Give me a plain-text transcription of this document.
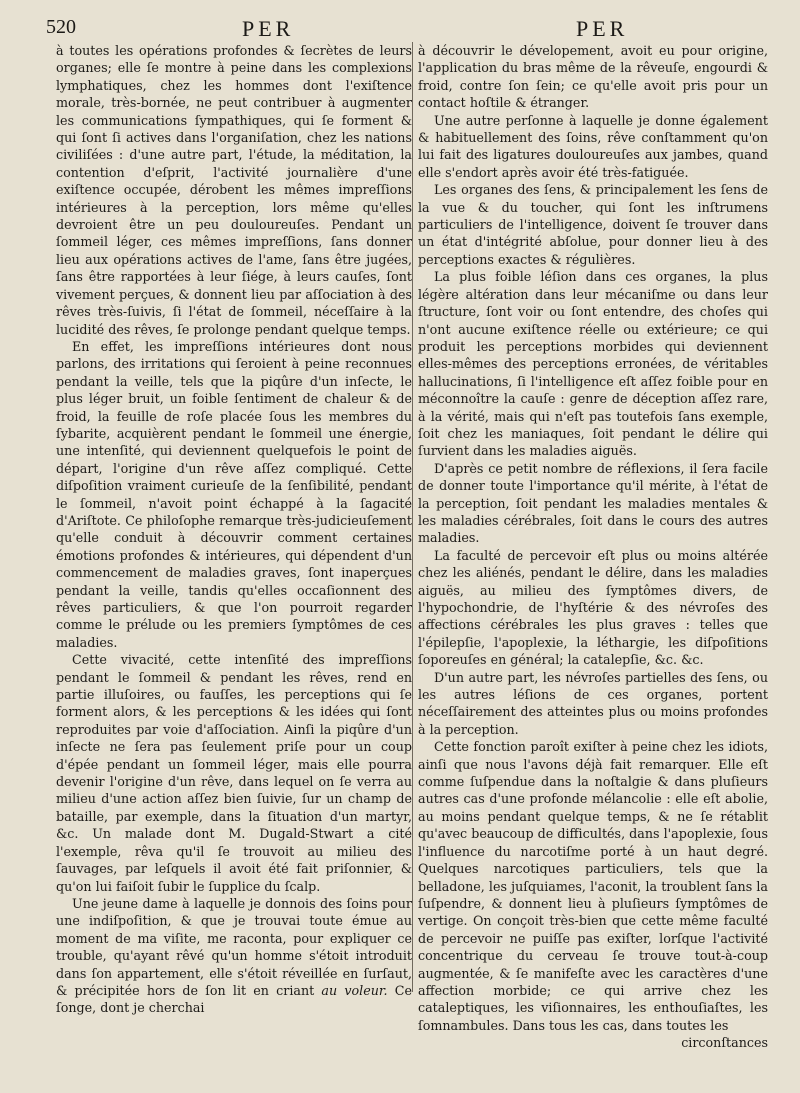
520	PER	PER

à toutes les opérations profondes & ſecrètes de leurs organes; elle ſe montre à peine dans les complexions lymphatiques, chez les hommes dont l'exiſtence morale, très-bornée, ne peut contribuer à augmenter les communications ſympathiques, qui ſe forment & qui ſont ſi actives dans l'organiſation, chez les nations civiliſées : d'une autre part, l'étude, la méditation, la contention d'eſprit, l'activité journalière d'une exiſtence occupée, dérobent les mêmes impreſſions intérieures à la perception, lors même qu'elles devroient être un peu douloureuſes. Pendant un ſommeil léger, ces mêmes impreſſions, ſans donner lieu aux opérations actives de l'ame, ſans être jugées, ſans être rapportées à leur ſiége, à leurs cauſes, ſont vivement perçues, & donnent lieu par aſſociation à des rêves très-ſuivis, ſi l'état de ſommeil, néceſſaire à la lucidité des rêves, ſe prolonge pendant quelque temps.

En effet, les impreſſions intérieures dont nous parlons, des irritations qui ſeroient à peine reconnues pendant la veille, tels que la piqûre d'un inſecte, le plus léger bruit, un foible ſentiment de chaleur & de froid, la feuille de roſe placée ſous les membres du ſybarite, acquièrent pendant le ſommeil une énergie, une intenſité, qui deviennent quelquefois le point de départ, l'origine d'un rêve aſſez compliqué. Cette diſpoſition vraiment curieuſe de la ſenſibilité, pendant le ſommeil, n'avoit point échappé à la ſagacité d'Ariſtote. Ce philoſophe remarque très-judicieuſement qu'elle conduit à découvrir comment certaines émotions profondes & intérieures, qui dépendent d'un commencement de maladies graves, ſont inaperçues pendant la veille, tandis qu'elles occaſionnent des rêves particuliers, & que l'on pourroit regarder comme le prélude ou les premiers ſymptômes de ces maladies.

Cette vivacité, cette intenſité des impreſſions pendant le ſommeil & pendant les rêves, rend en partie illuſoires, ou fauſſes, les perceptions qui ſe forment alors, & les perceptions & les idées qui ſont reproduites par voie d'aſſociation. Ainſi la piqûre d'un inſecte ne ſera pas ſeulement priſe pour un coup d'épée pendant un ſommeil léger, mais elle pourra devenir l'origine d'un rêve, dans lequel on ſe verra au milieu d'une action aſſez bien ſuivie, ſur un champ de bataille, par exemple, dans la ſituation d'un martyr, &c. Un malade dont M. Dugald-Stwart a cité l'exemple, rêva qu'il ſe trouvoit au milieu des ſauvages, par leſquels il avoit été fait priſonnier, & qu'on lui faiſoit ſubir le ſupplice du ſcalp.

Une jeune dame à laquelle je donnois des ſoins pour une indiſpoſition, & que je trouvai toute émue au moment de ma viſite, me raconta, pour expliquer ce trouble, qu'ayant rêvé qu'un homme s'étoit introduit dans ſon appartement, elle s'étoit réveillée en ſurſaut, & précipitée hors de ſon lit en criant au voleur. Ce ſonge, dont je cherchai

à découvrir le dévelopement, avoit eu pour origine, l'application du bras même de la rêveuſe, engourdi & froid, contre ſon ſein; ce qu'elle avoit pris pour un contact hoſtile & étranger.

Une autre perſonne à laquelle je donne également & habituellement des ſoins, rêve conſtamment qu'on lui fait des ligatures douloureuſes aux jambes, quand elle s'endort après avoir été très-fatiguée.

Les organes des ſens, & principalement les ſens de la vue & du toucher, qui ſont les inſtrumens particuliers de l'intelligence, doivent ſe trouver dans un état d'intégrité abſolue, pour donner lieu à des perceptions exactes & régulières.

La plus foible léſion dans ces organes, la plus légère altération dans leur mécaniſme ou dans leur ſtructure, ſont voir ou ſont entendre, des choſes qui n'ont aucune exiſtence réelle ou extérieure; ce qui produit les perceptions morbides qui deviennent elles-mêmes des perceptions erronées, de véritables hallucinations, ſi l'intelligence eſt aſſez foible pour en méconnoître la cauſe : genre de déception aſſez rare, à la vérité, mais qui n'eſt pas toutefois ſans exemple, ſoit chez les maniaques, ſoit pendant le délire qui ſurvient dans les maladies aiguës.

D'après ce petit nombre de réflexions, il ſera facile de donner toute l'importance qu'il mérite, à l'état de la perception, ſoit pendant les maladies mentales & les maladies cérébrales, ſoit dans le cours des autres maladies.

La faculté de percevoir eſt plus ou moins altérée chez les aliénés, pendant le délire, dans les maladies aiguës, au milieu des ſymptômes divers, de l'hypochondrie, de l'hyſtérie & des névroſes des affections cérébrales les plus graves : telles que l'épilepſie, l'apoplexie, la léthargie, les diſpoſitions ſoporeuſes en général; la catalepſie, &c. &c.

D'un autre part, les névroſes partielles des ſens, ou les autres léſions de ces organes, portent néceſſairement des atteintes plus ou moins profondes à la perception.

Cette fonction paroît exiſter à peine chez les idiots, ainſi que nous l'avons déjà fait remarquer. Elle eſt comme ſuſpendue dans la noſtalgie & dans pluſieurs autres cas d'une profonde mélancolie : elle eſt abolie, au moins pendant quelque temps, & ne ſe rétablit qu'avec beaucoup de difficultés, dans l'apoplexie, ſous l'influence du narcotiſme porté à un haut degré. Quelques narcotiques particuliers, tels que la belladone, les juſquiames, l'aconit, la troublent ſans la ſuſpendre, & donnent lieu à pluſieurs ſymptômes de vertige. On conçoit très-bien que cette même faculté de percevoir ne puiſſe pas exiſter, lorſque l'activité concentrique du cerveau ſe trouve tout-à-coup augmentée, & ſe manifeſte avec les caractères d'une affection morbide; ce qui arrive chez les cataleptiques, les viſionnaires, les enthouſiaſtes, les ſomnambules. Dans tous les cas, dans toutes les

circonſtances
